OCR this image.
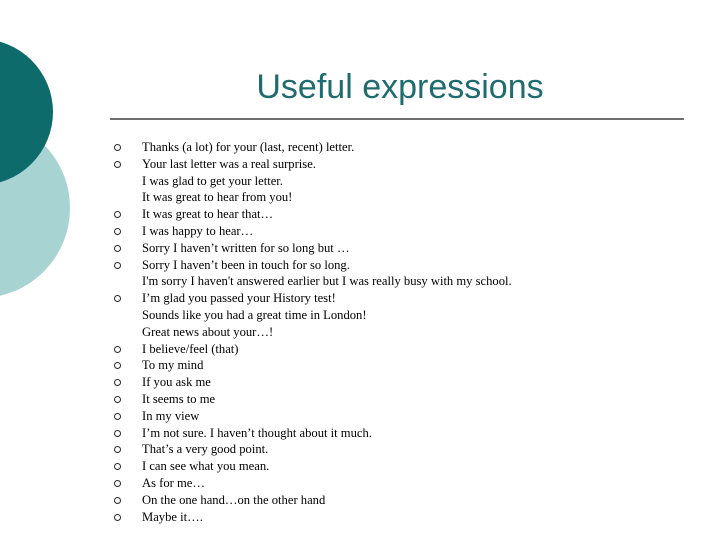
Useful expressions
Thanks (a lot) for your (last, recent) letter.
Your last letter was a real surprise.
I was glad to get your letter.
It was great to hear from you!
It was great to hear that…
I was happy to hear…
Sorry I haven’t written for so long but …
Sorry I haven’t been in touch for so long.
I'm sorry I haven't answered earlier but I was really busy with my school.
I’m glad you passed your History test!
Sounds like you had a great time in London!
Great news about your…!
I believe/feel (that)
To my mind
If you ask me
It seems to me
In my view
I’m not sure. I haven’t thought about it much.
That’s a very good point.
I can see what you mean.
As for me…
On the one hand…on the other hand
Maybe it….
